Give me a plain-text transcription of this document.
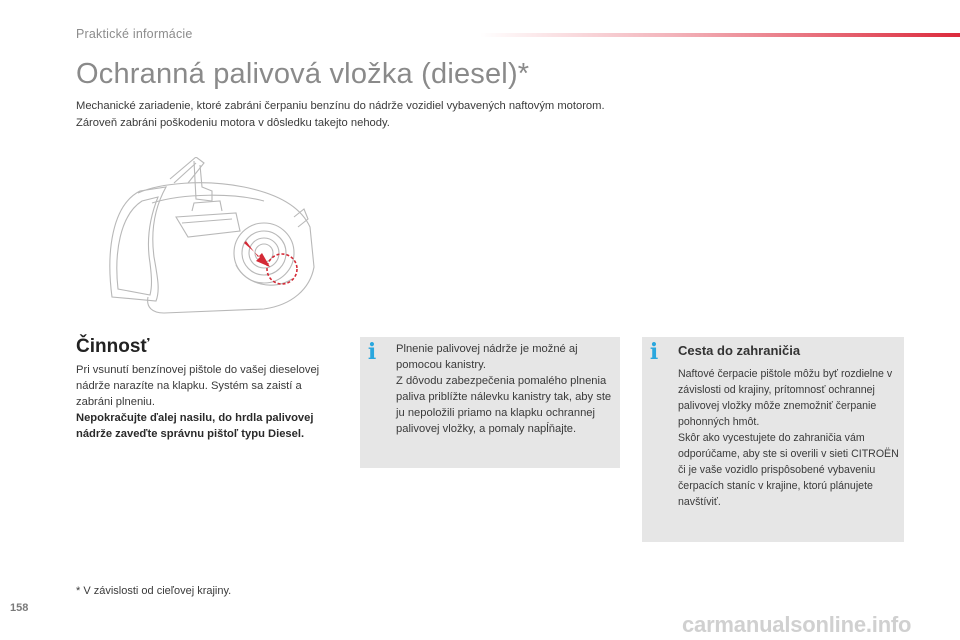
Praktické informácie
Ochranná palivová vložka (diesel)*
Mechanické zariadenie, ktoré zabráni čerpaniu benzínu do nádrže vozidiel vybavených naftovým motorom. Zároveň zabráni poškodeniu motora v dôsledku takejto nehody.
Činnosť
Pri vsunutí benzínovej pištole do vašej dieselovej nádrže narazíte na klapku. Systém sa zaistí a zabráni plneniu.
Nepokračujte ďalej nasilu, do hrdla palivovej nádrže zaveďte správnu pištoľ typu Diesel.
i Plnenie palivovej nádrže je možné aj pomocou kanistry.
Z dôvodu zabezpečenia pomalého plnenia paliva priblížte nálevku kanistry tak, aby ste ju nepoložili priamo na klapku ochrannej palivovej vložky, a pomaly napĺňajte.
i Cesta do zahraničia
Naftové čerpacie pištole môžu byť rozdielne v závislosti od krajiny, prítomnosť ochrannej palivovej vložky môže znemožniť čerpanie pohonných hmôt.
Skôr ako vycestujete do zahraničia vám odporúčame, aby ste si overili v sieti CITROËN či je vaše vozidlo prispôsobené vybaveniu čerpacích staníc v krajine, ktorú plánujete navštíviť.
* V závislosti od cieľovej krajiny.
158
carmanualsonline.info
